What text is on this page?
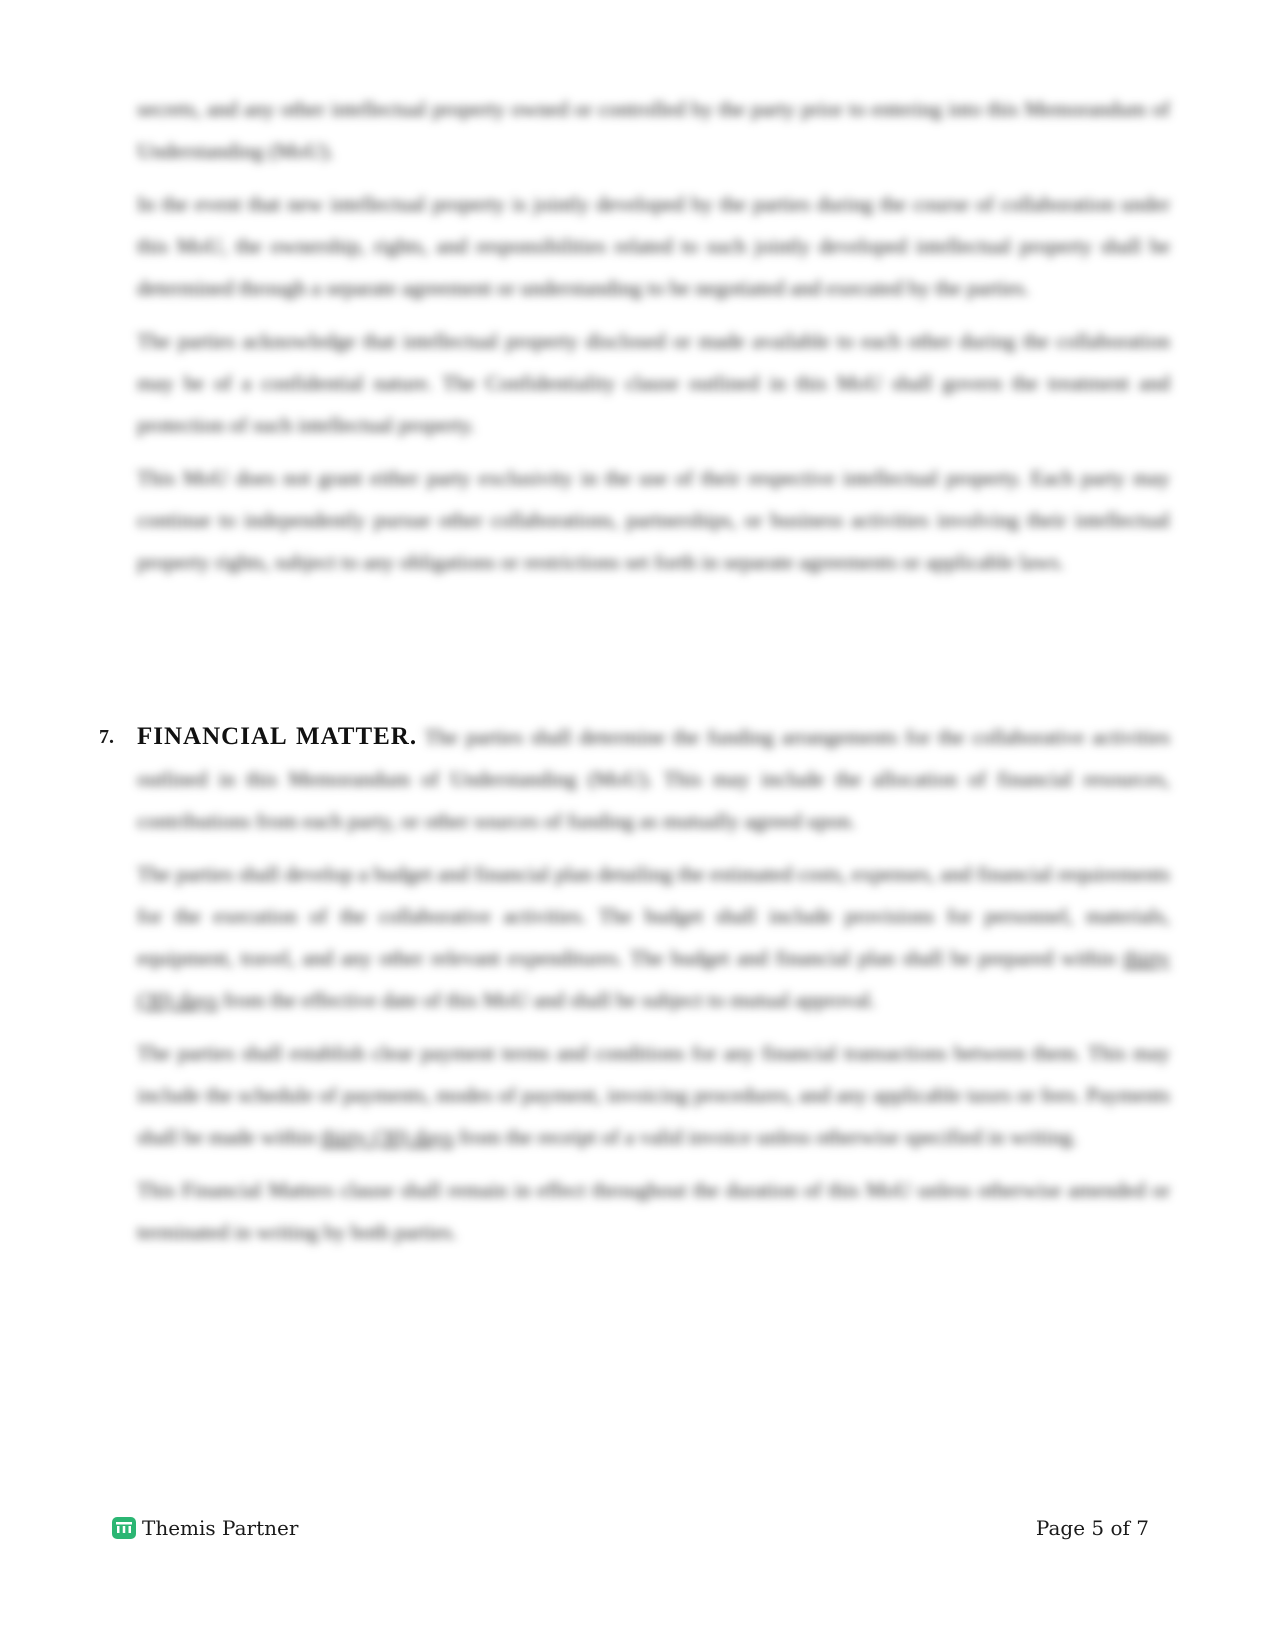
secrets, and any other intellectual property owned or controlled by the party prior to entering into this Memorandum of Understanding (MoU).

In the event that new intellectual property is jointly developed by the parties during the course of collaboration under this MoU, the ownership, rights, and responsibilities related to such jointly developed intellectual property shall be determined through a separate agreement or understanding to be negotiated and executed by the parties.

The parties acknowledge that intellectual property disclosed or made available to each other during the collaboration may be of a confidential nature. The Confidentiality clause outlined in this MoU shall govern the treatment and protection of such intellectual property.

This MoU does not grant either party exclusivity in the use of their respective intellectual property. Each party may continue to independently pursue other collaborations, partnerships, or business activities involving their intellectual property rights, subject to any obligations or restrictions set forth in separate agreements or applicable laws.

7. FINANCIAL MATTER. The parties shall determine the funding arrangements for the collaborative activities outlined in this Memorandum of Understanding (MoU). This may include the allocation of financial resources, contributions from each party, or other sources of funding as mutually agreed upon.

The parties shall develop a budget and financial plan detailing the estimated costs, expenses, and financial requirements for the execution of the collaborative activities. The budget shall include provisions for personnel, materials, equipment, travel, and any other relevant expenditures. The budget and financial plan shall be prepared within thirty (30) days from the effective date of this MoU and shall be subject to mutual approval.

The parties shall establish clear payment terms and conditions for any financial transactions between them. This may include the schedule of payments, modes of payment, invoicing procedures, and any applicable taxes or fees. Payments shall be made within thirty (30) days from the receipt of a valid invoice unless otherwise specified in writing.

This Financial Matters clause shall remain in effect throughout the duration of this MoU unless otherwise amended or terminated in writing by both parties.

Themis Partner	Page 5 of 7
